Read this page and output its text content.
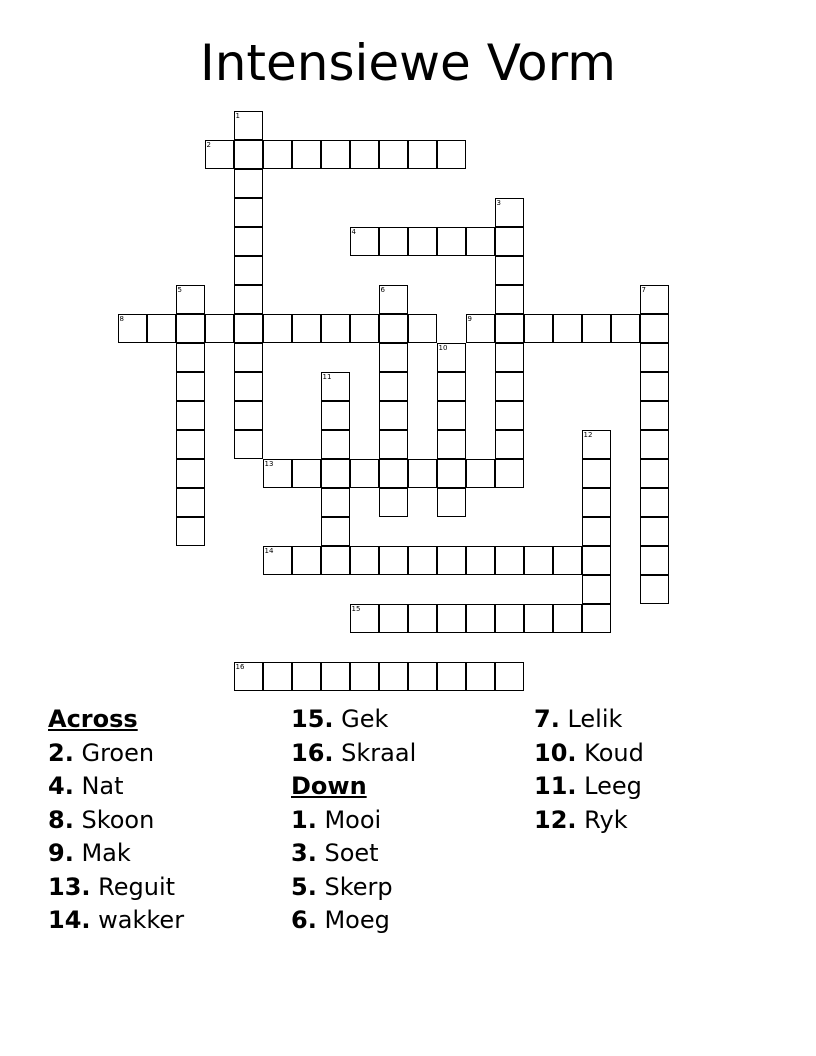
Intensiewe Vorm
1
2
3
4
5	6	7
8	9
10
11
12
13
14
15
16
Across
2. Groen
4. Nat
8. Skoon
9. Mak
13. Reguit
14. wakker
15. Gek
16. Skraal
Down
1. Mooi
3. Soet
5. Skerp
6. Moeg
7. Lelik
10. Koud
11. Leeg
12. Ryk
